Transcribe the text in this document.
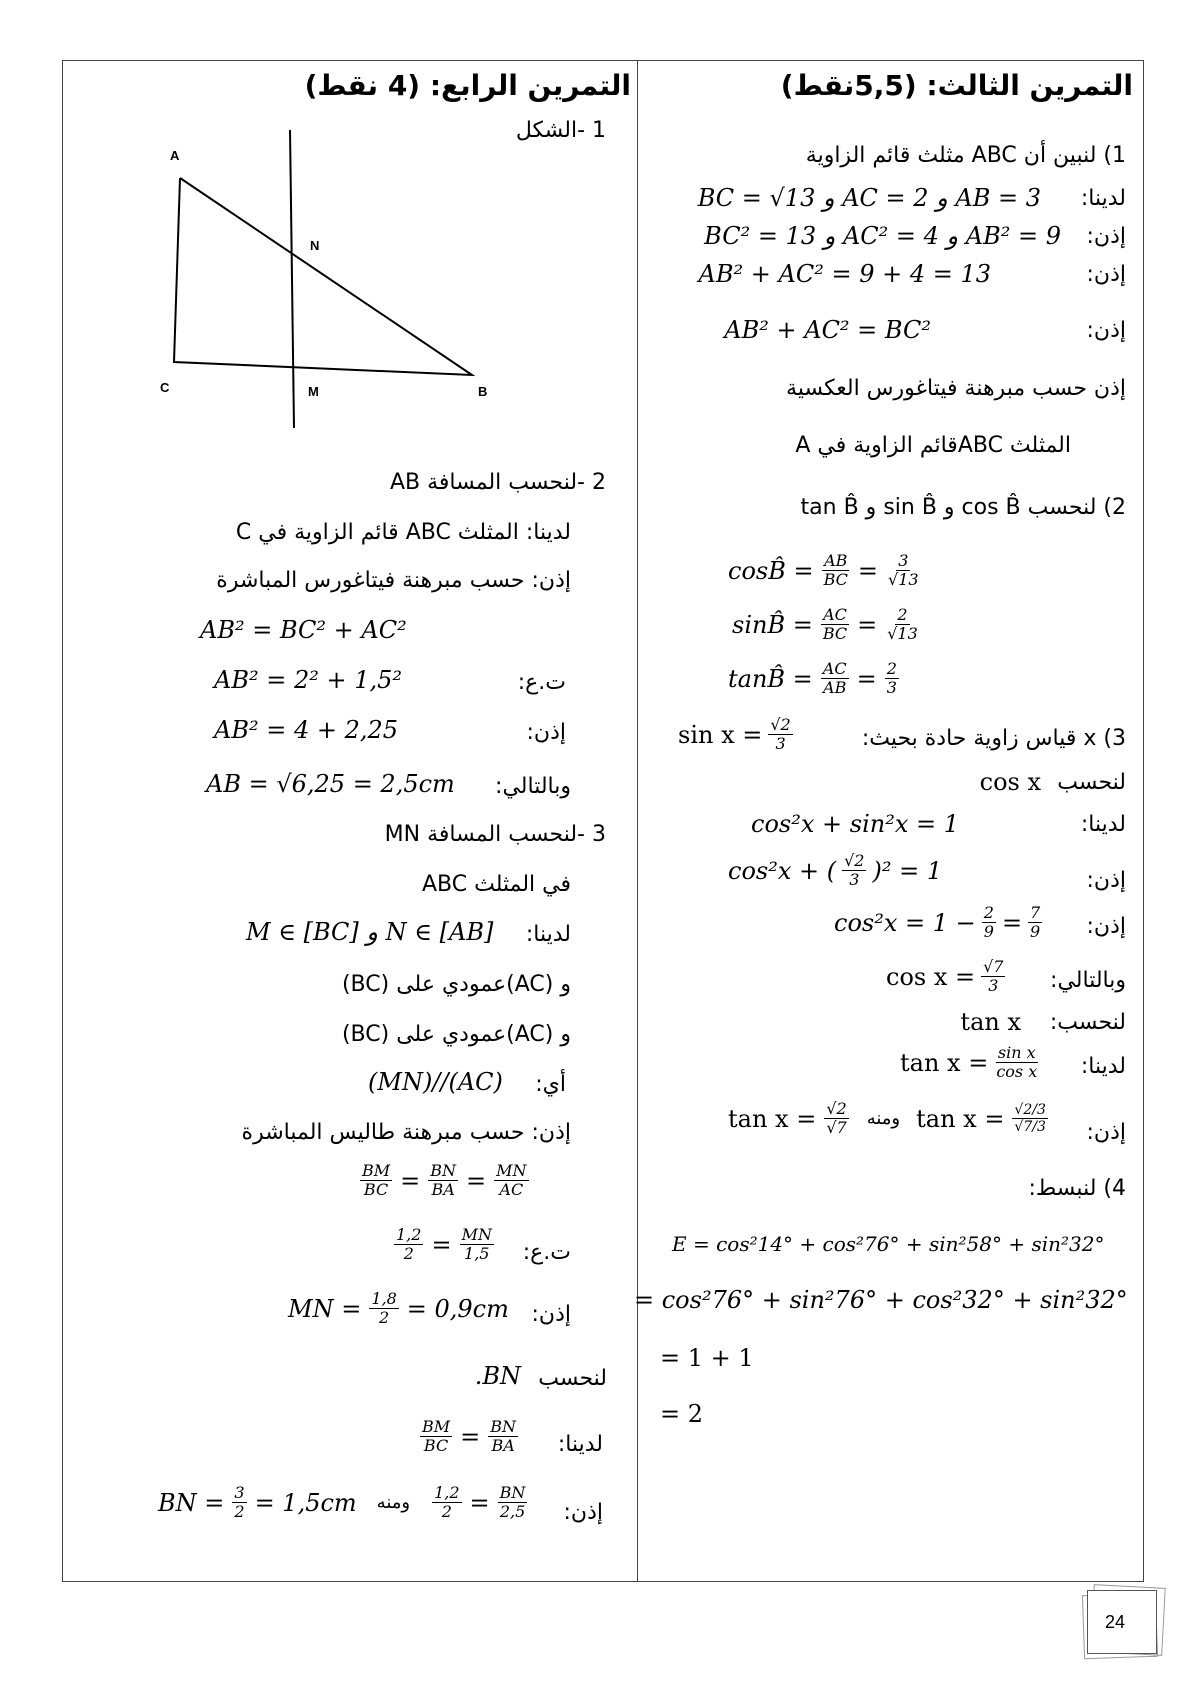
التمرين الثالث: (5,5نقط)
1) لنبين أن ABC مثلث قائم الزاوية
لدينا:
BC = √13 و AC = 2 و AB = 3
إذن:
BC² = 13 و AC² = 4 و AB² = 9
إذن:
AB² + AC² = 9 + 4 = 13
إذن:
AB² + AC² = BC²
إذن حسب مبرهنة فيتاغورس العكسية
المثلث ABCقائم الزاوية في A
2) لنحسب cos B̂ و sin B̂ و tan B̂
cosB̂ = $\frac{AB}{BC} = \frac{3}{√13}$
sinB̂ = $\frac{AC}{BC} = \frac{2}{√13}$
tanB̂ = $\frac{AC}{AB} = \frac{2}{3}$
3) x قياس زاوية حادة بحيث:
$\sin x = \frac{√2}{3}$
لنحسب
cos x
لدينا:
cos²x + sin²x = 1
إذن:
cos²x + ( $\frac{√2}{3} )^2 = 1$
إذن:
$\cos^2x = 1 - \frac{2}{9} = \frac{7}{9}$
وبالتالي:
$\cos x = \frac{√7}{3}$
لنحسب:
tan x
لدينا:
$\tan x = \frac{\text{sin x}}{\text{cos x}}$
إذن:
$\tan x = \frac{√2}{√7}$ ومنه $\tan x = \frac{√2/3}{√7/3}$
4) لنبسط:
E = cos²14° + cos²76° + sin²58° + sin²32°
= cos²76° + sin²76° + cos²32° + sin²32°
= 1 + 1
= 2
التمرين الرابع: (4 نقط)
1 -الشكل
A
N
C	M	B
2 -لنحسب المسافة AB
لدينا: المثلث ABC قائم الزاوية في C
إذن: حسب مبرهنة فيتاغورس المباشرة
AB² = BC² + AC²
ت.ع:
AB² = 2² + 1,5²
إذن:
AB² = 4 + 2,25
وبالتالي:
AB = √6,25 = 2,5cm
3 -لنحسب المسافة MN
في المثلث ABC
لدينا:
M ∈ [BC] و N ∈ [AB]
و (AC)عمودي على (BC)
و (AC)عمودي على (BC)
أي:
(MN)//(AC)
إذن: حسب مبرهنة طاليس المباشرة
$\frac{BM}{BC} = \frac{BN}{BA} = \frac{MN}{AC}$
ت.ع:
$\frac{1,2}{2} = \frac{MN}{1,5}$
إذن:
MN = $\frac{1,8}{2} = 0,9cm$
لنحسب
.BN
لدينا:
$\frac{BM}{BC} = \frac{BN}{BA}$
إذن:
BN = $\frac{3}{2} = 1,5cm$ ومنه $\frac{1,2}{2} = \frac{BN}{2,5}$
24
